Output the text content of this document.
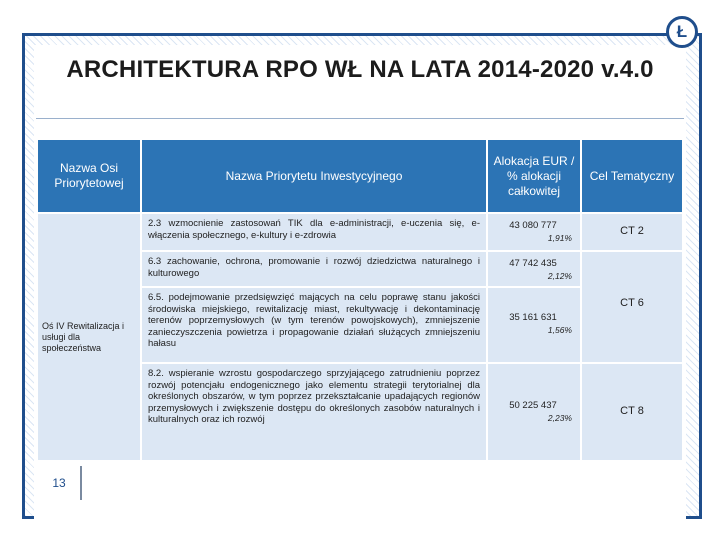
Ł
ARCHITEKTURA RPO WŁ NA LATA 2014-2020 v.4.0
Nazwa Osi Priorytetowej
Nazwa Priorytetu Inwestycyjnego
Alokacja EUR / % alokacji całkowitej
Cel Tematyczny
Oś IV Rewitalizacja i usługi dla społeczeństwa
2.3 wzmocnienie zastosowań TIK dla e-administracji, e-uczenia się, e-włączenia społecznego, e-kultury i e-zdrowia
43 080 777
1,91%
CT 2
6.3 zachowanie, ochrona, promowanie i rozwój dziedzictwa naturalnego i kulturowego
47 742 435
2,12%
CT 6
6.5. podejmowanie przedsięwzięć mających na celu poprawę stanu jakości środowiska miejskiego, rewitalizację miast, rekultywację i dekontaminację terenów poprzemysłowych (w tym terenów powojskowych), zmniejszenie zanieczyszczenia powietrza i propagowanie działań służących zmniejszeniu hałasu
35 161 631
1,56%
8.2. wspieranie wzrostu gospodarczego sprzyjającego zatrudnieniu poprzez rozwój potencjału endogenicznego jako elementu strategii terytorialnej dla określonych obszarów, w tym poprzez przekształcanie upadających regionów przemysłowych i zwiększenie dostępu do określonych zasobów naturalnych i kulturalnych oraz ich rozwój
50 225 437
2,23%
CT 8
13
